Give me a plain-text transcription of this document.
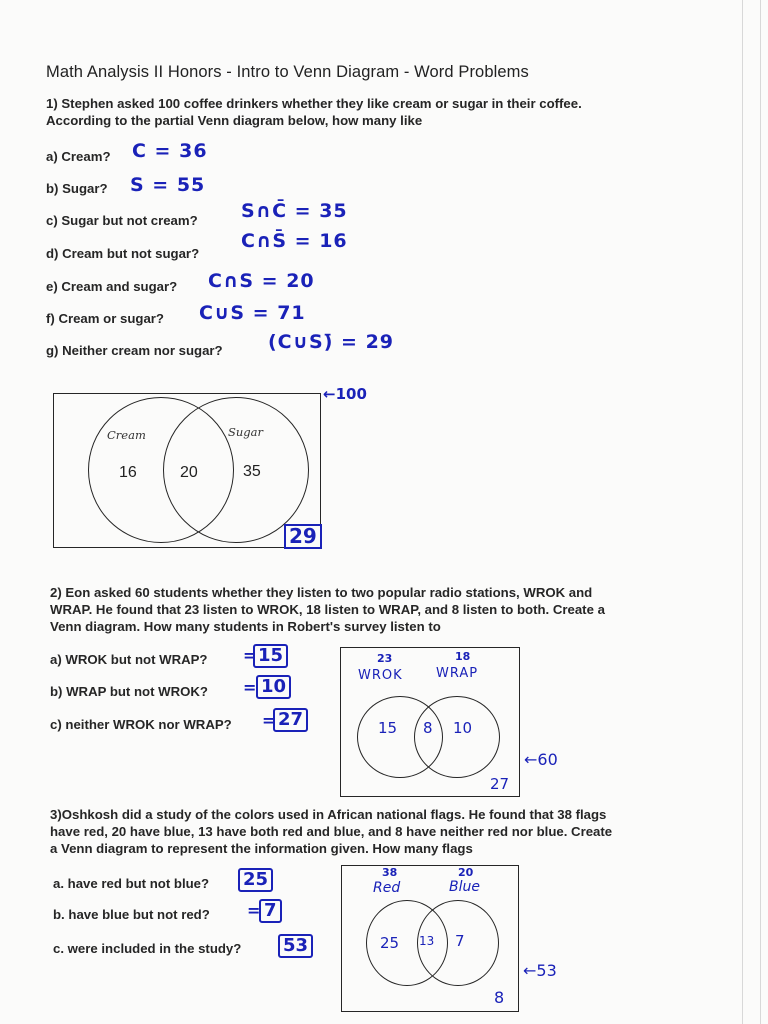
Math Analysis II Honors - Intro to Venn Diagram - Word Problems
1) Stephen asked 100 coffee drinkers whether they like cream or sugar in their coffee.
According to the partial Venn diagram below, how many like
a) Cream? C = 36
b) Sugar? S = 55
c) Sugar but not cream? S∩C̄ = 35
d) Cream but not sugar?
C∩S̄ = 16
e) Cream and sugar? C∩S = 20
f) Cream or sugar? C∪S = 71
g) Neither cream nor sugar? (C∪S)̄ = 29
Cream	Sugar
16	20	35
29
←100
2) Eon asked 60 students whether they listen to two popular radio stations, WROK and
WRAP. He found that 23 listen to WROK, 18 listen to WRAP, and 8 listen to both. Create a
Venn diagram. How many students in Robert's survey listen to
a) WROK but not WRAP? = 15
b) WRAP but not WROK? = 10
c) neither WROK nor WRAP? = 27
23	18
WROK	WRAP
15 8 10
27
←60
3)Oshkosh did a study of the colors used in African national flags. He found that 38 flags
have red, 20 have blue, 13 have both red and blue, and 8 have neither red nor blue. Create
a Venn diagram to represent the information given. How many flags
a. have red but not blue? 25
b. have blue but not red? = 7
c. were included in the study? 53
38	20
Red	Blue
25 13 7
8
←53
